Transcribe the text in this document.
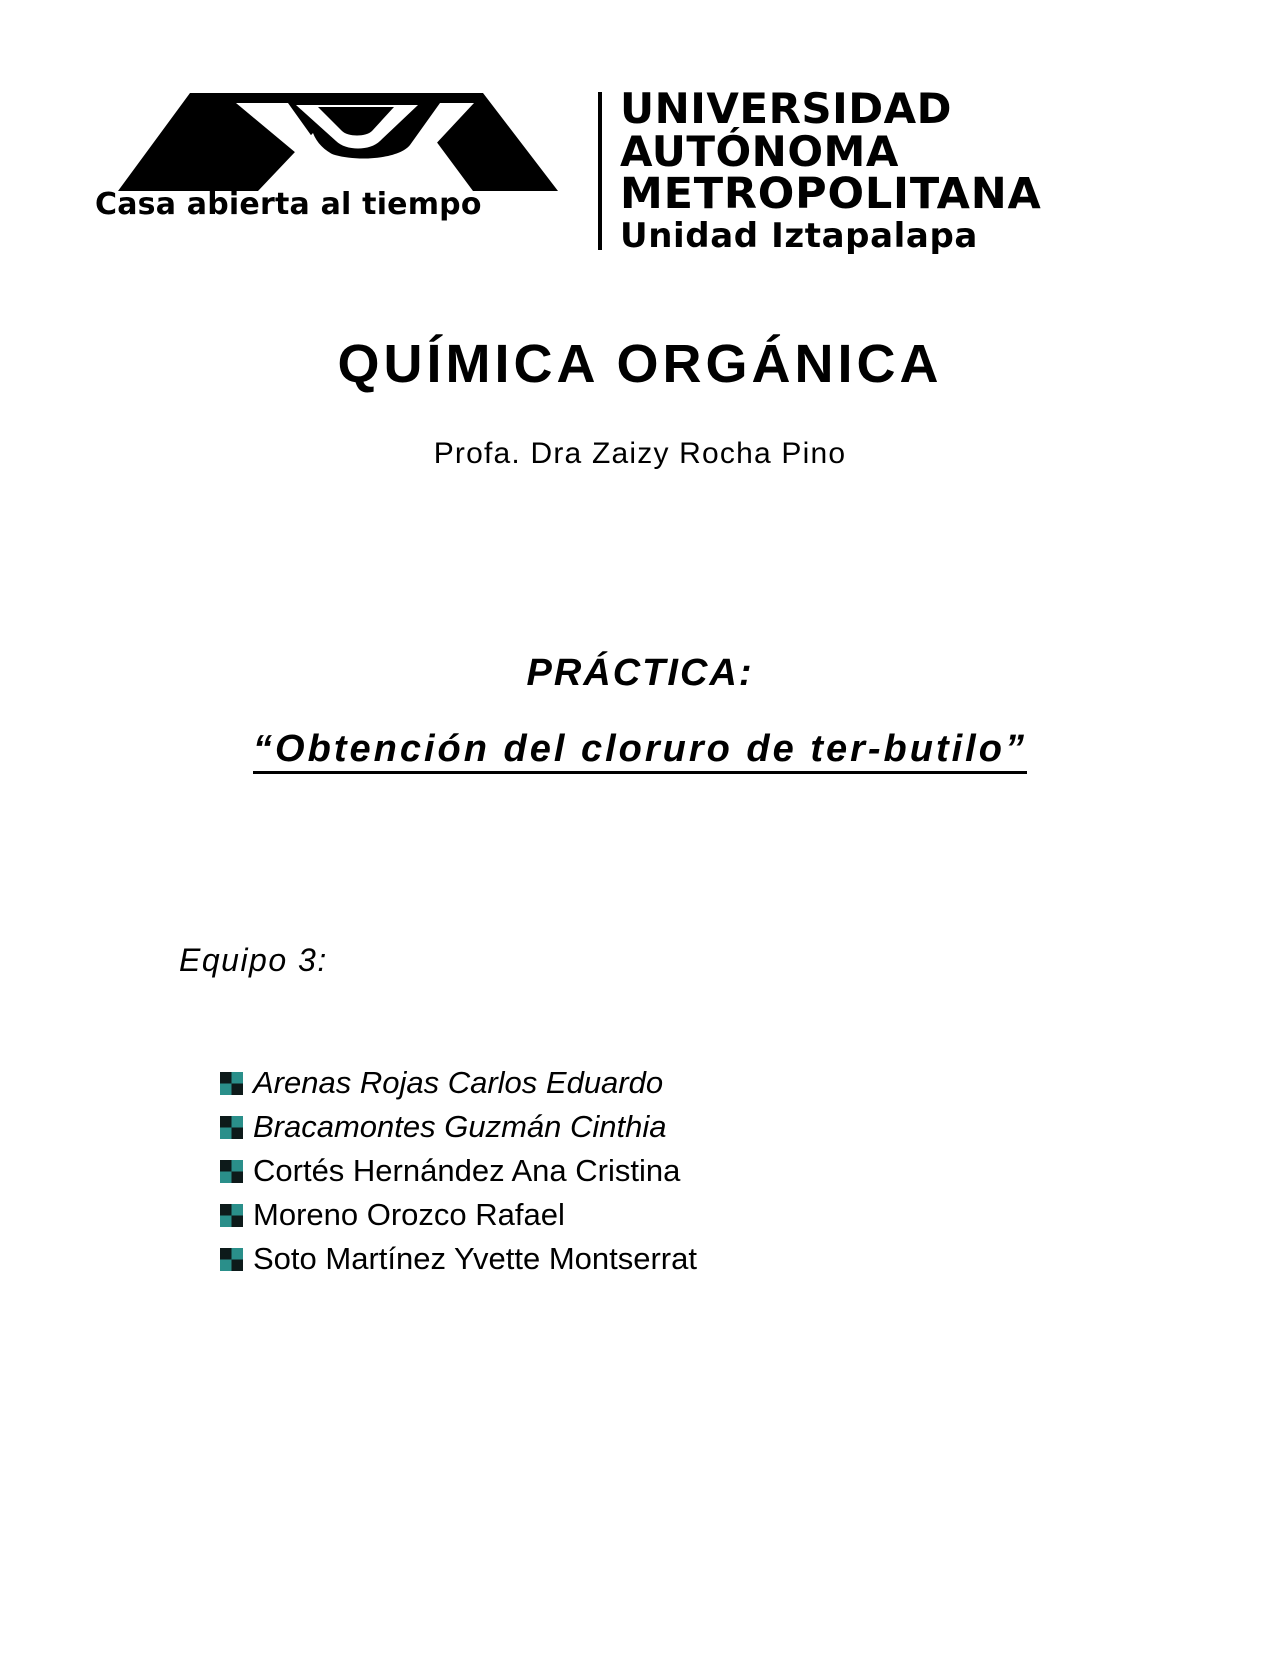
Casa abierta al tiempo
UNIVERSIDAD
AUTÓNOMA
METROPOLITANA
Unidad Iztapalapa
QUÍMICA ORGÁNICA
Profa. Dra Zaizy Rocha Pino
PRÁCTICA:
“Obtención del cloruro de ter-butilo”
Equipo 3:
Arenas Rojas Carlos Eduardo
Bracamontes Guzmán Cinthia
Cortés Hernández Ana Cristina
Moreno Orozco Rafael
Soto Martínez Yvette Montserrat
